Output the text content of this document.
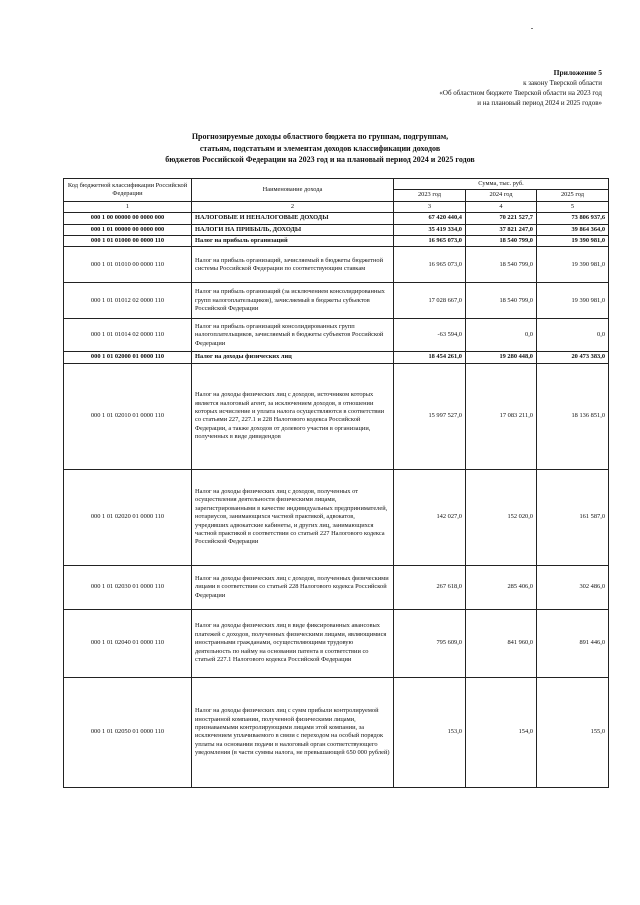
Приложение 5
к закону Тверской области
«Об областном бюджете Тверской области на 2023 год
и на плановый период 2024 и 2025 годов»
Прогнозируемые доходы областного бюджета по группам, подгруппам,
статьям, подстатьям и элементам доходов классификации доходов
бюджетов Российской Федерации на 2023 год и на плановый период 2024 и 2025 годов
Код бюджетной классификации Российской Федерации	Наименование дохода	Сумма, тыс. руб.		
		2023 год	2024 год	2025 год
1	2	3	4	5
000 1 00 00000 00 0000 000	НАЛОГОВЫЕ И НЕНАЛОГОВЫЕ ДОХОДЫ	67 420 440,4	70 221 527,7	73 806 937,6
000 1 01 00000 00 0000 000	НАЛОГИ НА ПРИБЫЛЬ, ДОХОДЫ	35 419 334,0	37 821 247,0	39 864 364,0
000 1 01 01000 00 0000 110	Налог на прибыль организаций	16 965 073,0	18 540 799,0	19 390 981,0
000 1 01 01010 00 0000 110	Налог на прибыль организаций, зачисляемый в бюджеты бюджетной системы Российской Федерации по соответствующим ставкам	16 965 073,0	18 540 799,0	19 390 981,0
000 1 01 01012 02 0000 110	Налог на прибыль организаций (за исключением консолидированных групп налогоплательщиков), зачисляемый в бюджеты субъектов Российской Федерации	17 028 667,0	18 540 799,0	19 390 981,0
000 1 01 01014 02 0000 110	Налог на прибыль организаций консолидированных групп налогоплательщиков, зачисляемый в бюджеты субъектов Российской Федерации	-63 594,0	0,0	0,0
000 1 01 02000 01 0000 110	Налог на доходы физических лиц	18 454 261,0	19 280 448,0	20 473 383,0
000 1 01 02010 01 0000 110	Налог на доходы физических лиц с доходов, источником которых является налоговый агент, за исключением доходов, в отношении которых исчисление и уплата налога осуществляются в соответствии со статьями 227, 227.1 и 228 Налогового кодекса Российской Федерации, а также доходов от долевого участия в организации, полученных в виде дивидендов	15 997 527,0	17 083 211,0	18 136 851,0
000 1 01 02020 01 0000 110	Налог на доходы физических лиц с доходов, полученных от осуществления деятельности физическими лицами, зарегистрированными в качестве индивидуальных предпринимателей, нотариусов, занимающихся частной практикой, адвокатов, учредивших адвокатские кабинеты, и других лиц, занимающихся частной практикой в соответствии со статьей 227 Налогового кодекса Российской Федерации	142 027,0	152 020,0	161 587,0
000 1 01 02030 01 0000 110	Налог на доходы физических лиц с доходов, полученных физическими лицами в соответствии со статьей 228 Налогового кодекса Российской Федерации	267 618,0	285 406,0	302 486,0
000 1 01 02040 01 0000 110	Налог на доходы физических лиц в виде фиксированных авансовых платежей с доходов, полученных физическими лицами, являющимися иностранными гражданами, осуществляющими трудовую деятельность по найму на основании патента в соответствии со статьей 227.1 Налогового кодекса Российской Федерации	795 609,0	841 960,0	891 446,0
000 1 01 02050 01 0000 110	Налог на доходы физических лиц с сумм прибыли контролируемой иностранной компании, полученной физическими лицами, признаваемыми контролирующими лицами этой компании, за исключением уплачиваемого в связи с переходом на особый порядок уплаты на основании подачи в налоговый орган соответствующего уведомления (в части суммы налога, не превышающей 650 000 рублей)	153,0	154,0	155,0
